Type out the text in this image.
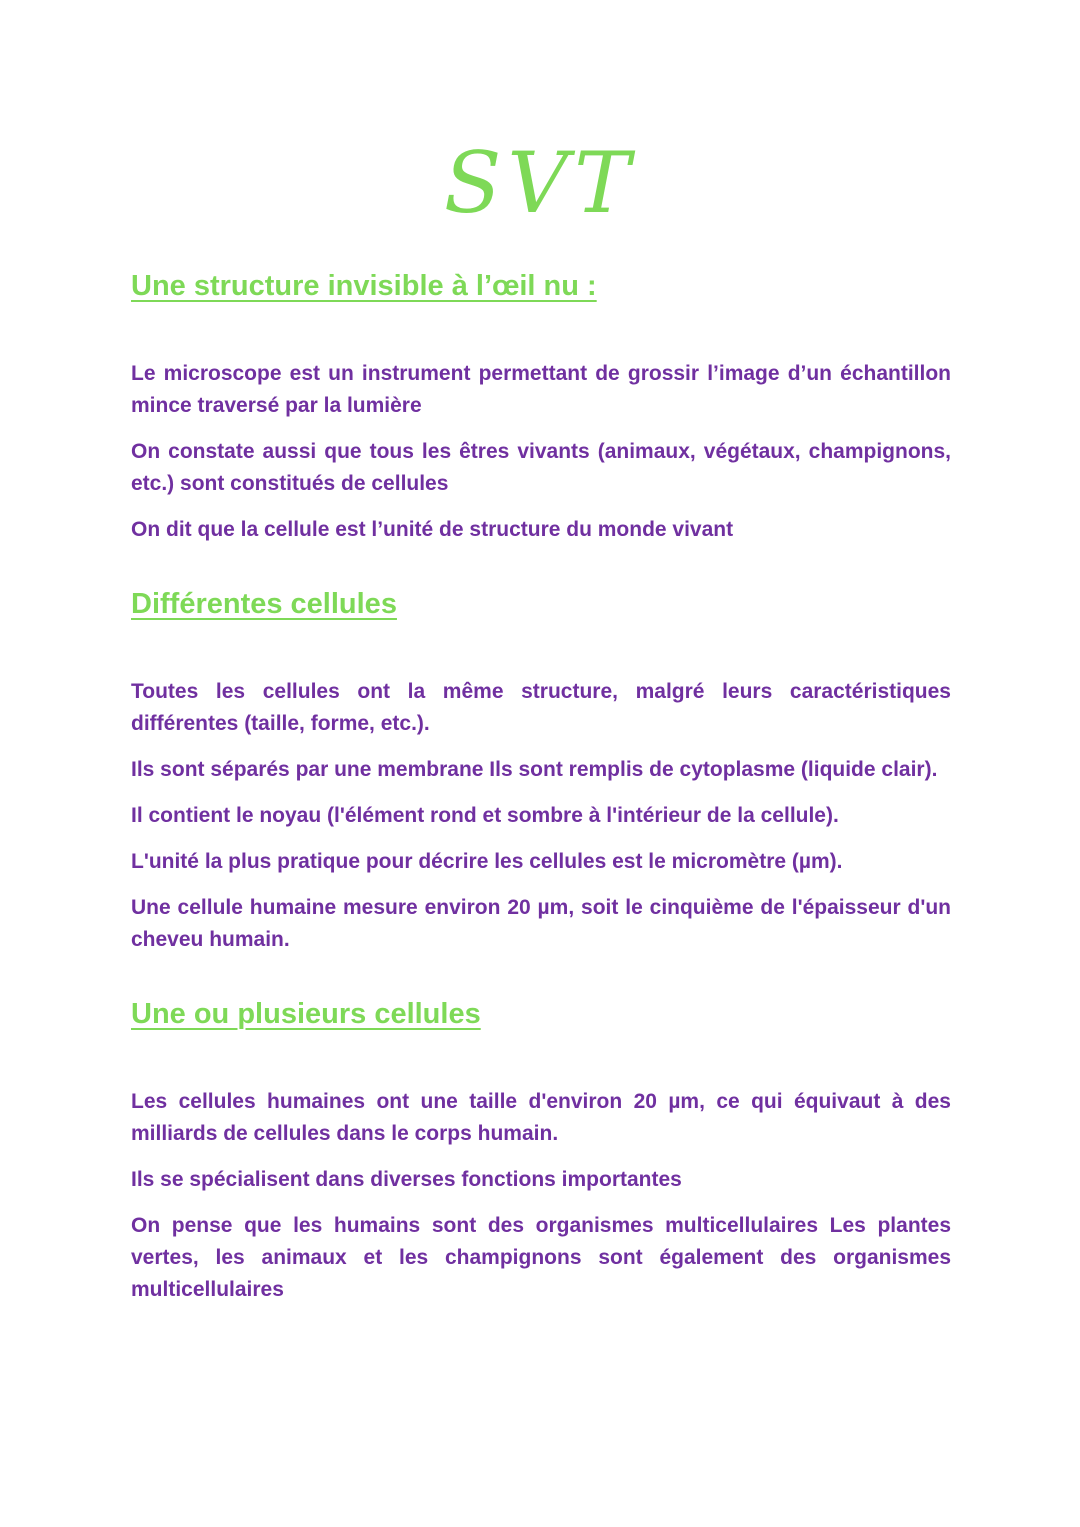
SVT
Une structure invisible à l’œil nu :

Le microscope est un instrument permettant de grossir l’image d’un échantillon mince traversé par la lumière

On constate aussi que tous les êtres vivants (animaux, végétaux, champignons, etc.) sont constitués de cellules

On dit que la cellule est l’unité de structure du monde vivant

Différentes cellules

Toutes les cellules ont la même structure, malgré leurs caractéristiques différentes (taille, forme, etc.).

Ils sont séparés par une membrane Ils sont remplis de cytoplasme (liquide clair).

Il contient le noyau (l'élément rond et sombre à l'intérieur de la cellule).

L'unité la plus pratique pour décrire les cellules est le micromètre (µm).

Une cellule humaine mesure environ 20 µm, soit le cinquième de l'épaisseur d'un cheveu humain.

Une ou plusieurs cellules

Les cellules humaines ont une taille d'environ 20 µm, ce qui équivaut à des milliards de cellules dans le corps humain.

Ils se spécialisent dans diverses fonctions importantes

On pense que les humains sont des organismes multicellulaires Les plantes vertes, les animaux et les champignons sont également des organismes multicellulaires
